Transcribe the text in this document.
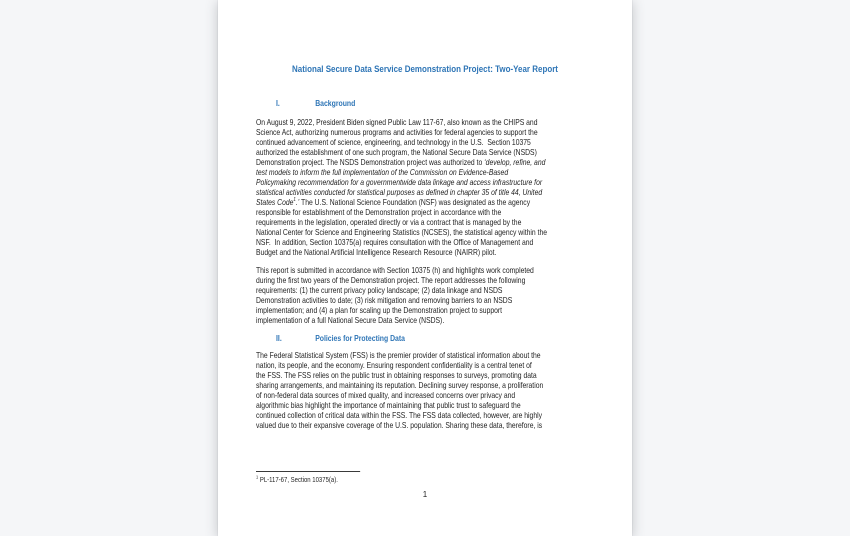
National Secure Data Service Demonstration Project: Two-Year Report
I.	Background
On August 9, 2022, President Biden signed Public Law 117-67, also known as the CHIPS and
Science Act, authorizing numerous programs and activities for federal agencies to support the
continued advancement of science, engineering, and technology in the U.S.  Section 10375
authorized the establishment of one such program, the National Secure Data Service (NSDS)
Demonstration project. The NSDS Demonstration project was authorized to ‘develop, refine, and
test models to inform the full implementation of the Commission on Evidence-Based
Policymaking recommendation for a governmentwide data linkage and access infrastructure for
statistical activities conducted for statistical purposes as defined in chapter 35 of title 44, United
States Code$^1$.’ The U.S. National Science Foundation (NSF) was designated as the agency
responsible for establishment of the Demonstration project in accordance with the
requirements in the legislation, operated directly or via a contract that is managed by the
National Center for Science and Engineering Statistics (NCSES), the statistical agency within the
NSF.  In addition, Section 10375(a) requires consultation with the Office of Management and
Budget and the National Artificial Intelligence Research Resource (NAIRR) pilot.
This report is submitted in accordance with Section 10375 (h) and highlights work completed
during the first two years of the Demonstration project. The report addresses the following
requirements: (1) the current privacy policy landscape; (2) data linkage and NSDS
Demonstration activities to date; (3) risk mitigation and removing barriers to an NSDS
implementation; and (4) a plan for scaling up the Demonstration project to support
implementation of a full National Secure Data Service (NSDS).
II.	Policies for Protecting Data
The Federal Statistical System (FSS) is the premier provider of statistical information about the
nation, its people, and the economy. Ensuring respondent confidentiality is a central tenet of
the FSS. The FSS relies on the public trust in obtaining responses to surveys, promoting data
sharing arrangements, and maintaining its reputation. Declining survey response, a proliferation
of non-federal data sources of mixed quality, and increased concerns over privacy and
algorithmic bias highlight the importance of maintaining that public trust to safeguard the
continued collection of critical data within the FSS. The FSS data collected, however, are highly
valued due to their expansive coverage of the U.S. population. Sharing these data, therefore, is
$^1$ PL-117-67, Section 10375(a).
1
